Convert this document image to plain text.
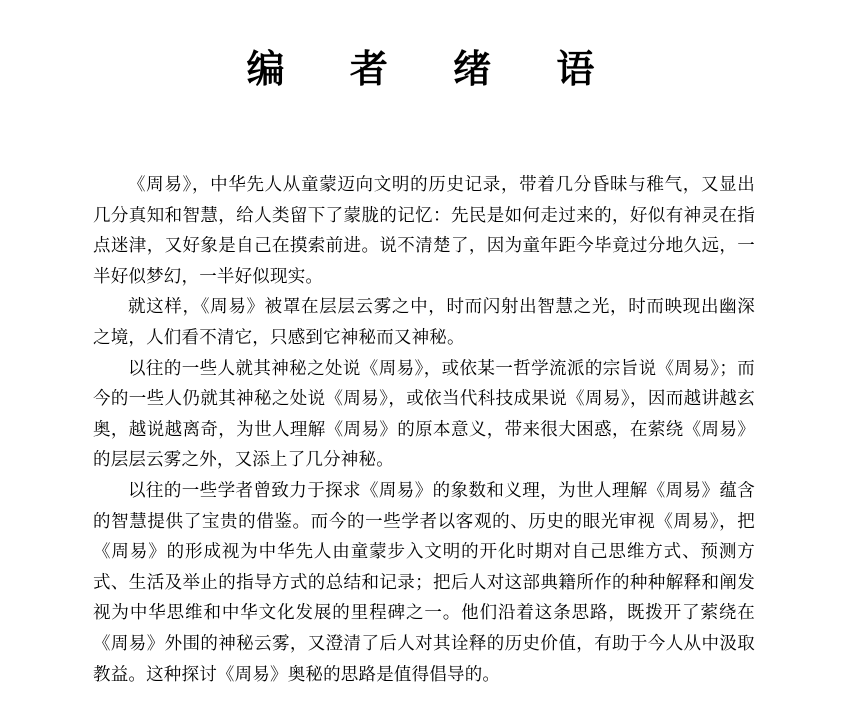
编 者 绪 语

《周易》，中华先人从童蒙迈向文明的历史记录，带着几分昏昧与稚气，又显出几分真知和智慧，给人类留下了蒙胧的记忆：先民是如何走过来的，好似有神灵在指点迷津，又好象是自己在摸索前进。说不清楚了，因为童年距今毕竟过分地久远，一半好似梦幻，一半好似现实。

就这样，《周易》被罩在层层云雾之中，时而闪射出智慧之光，时而映现出幽深之境，人们看不清它，只感到它神秘而又神秘。

以往的一些人就其神秘之处说《周易》，或依某一哲学流派的宗旨说《周易》；而今的一些人仍就其神秘之处说《周易》，或依当代科技成果说《周易》，因而越讲越玄奥，越说越离奇，为世人理解《周易》的原本意义，带来很大困惑，在萦绕《周易》的层层云雾之外，又添上了几分神秘。

以往的一些学者曾致力于探求《周易》的象数和义理，为世人理解《周易》蕴含的智慧提供了宝贵的借鉴。而今的一些学者以客观的、历史的眼光审视《周易》，把《周易》的形成视为中华先人由童蒙步入文明的开化时期对自己思维方式、预测方式、生活及举止的指导方式的总结和记录；把后人对这部典籍所作的种种解释和阐发视为中华思维和中华文化发展的里程碑之一。他们沿着这条思路，既拨开了萦绕在《周易》外围的神秘云雾，又澄清了后人对其诠释的历史价值，有助于今人从中汲取教益。这种探讨《周易》奥秘的思路是值得倡导的。
